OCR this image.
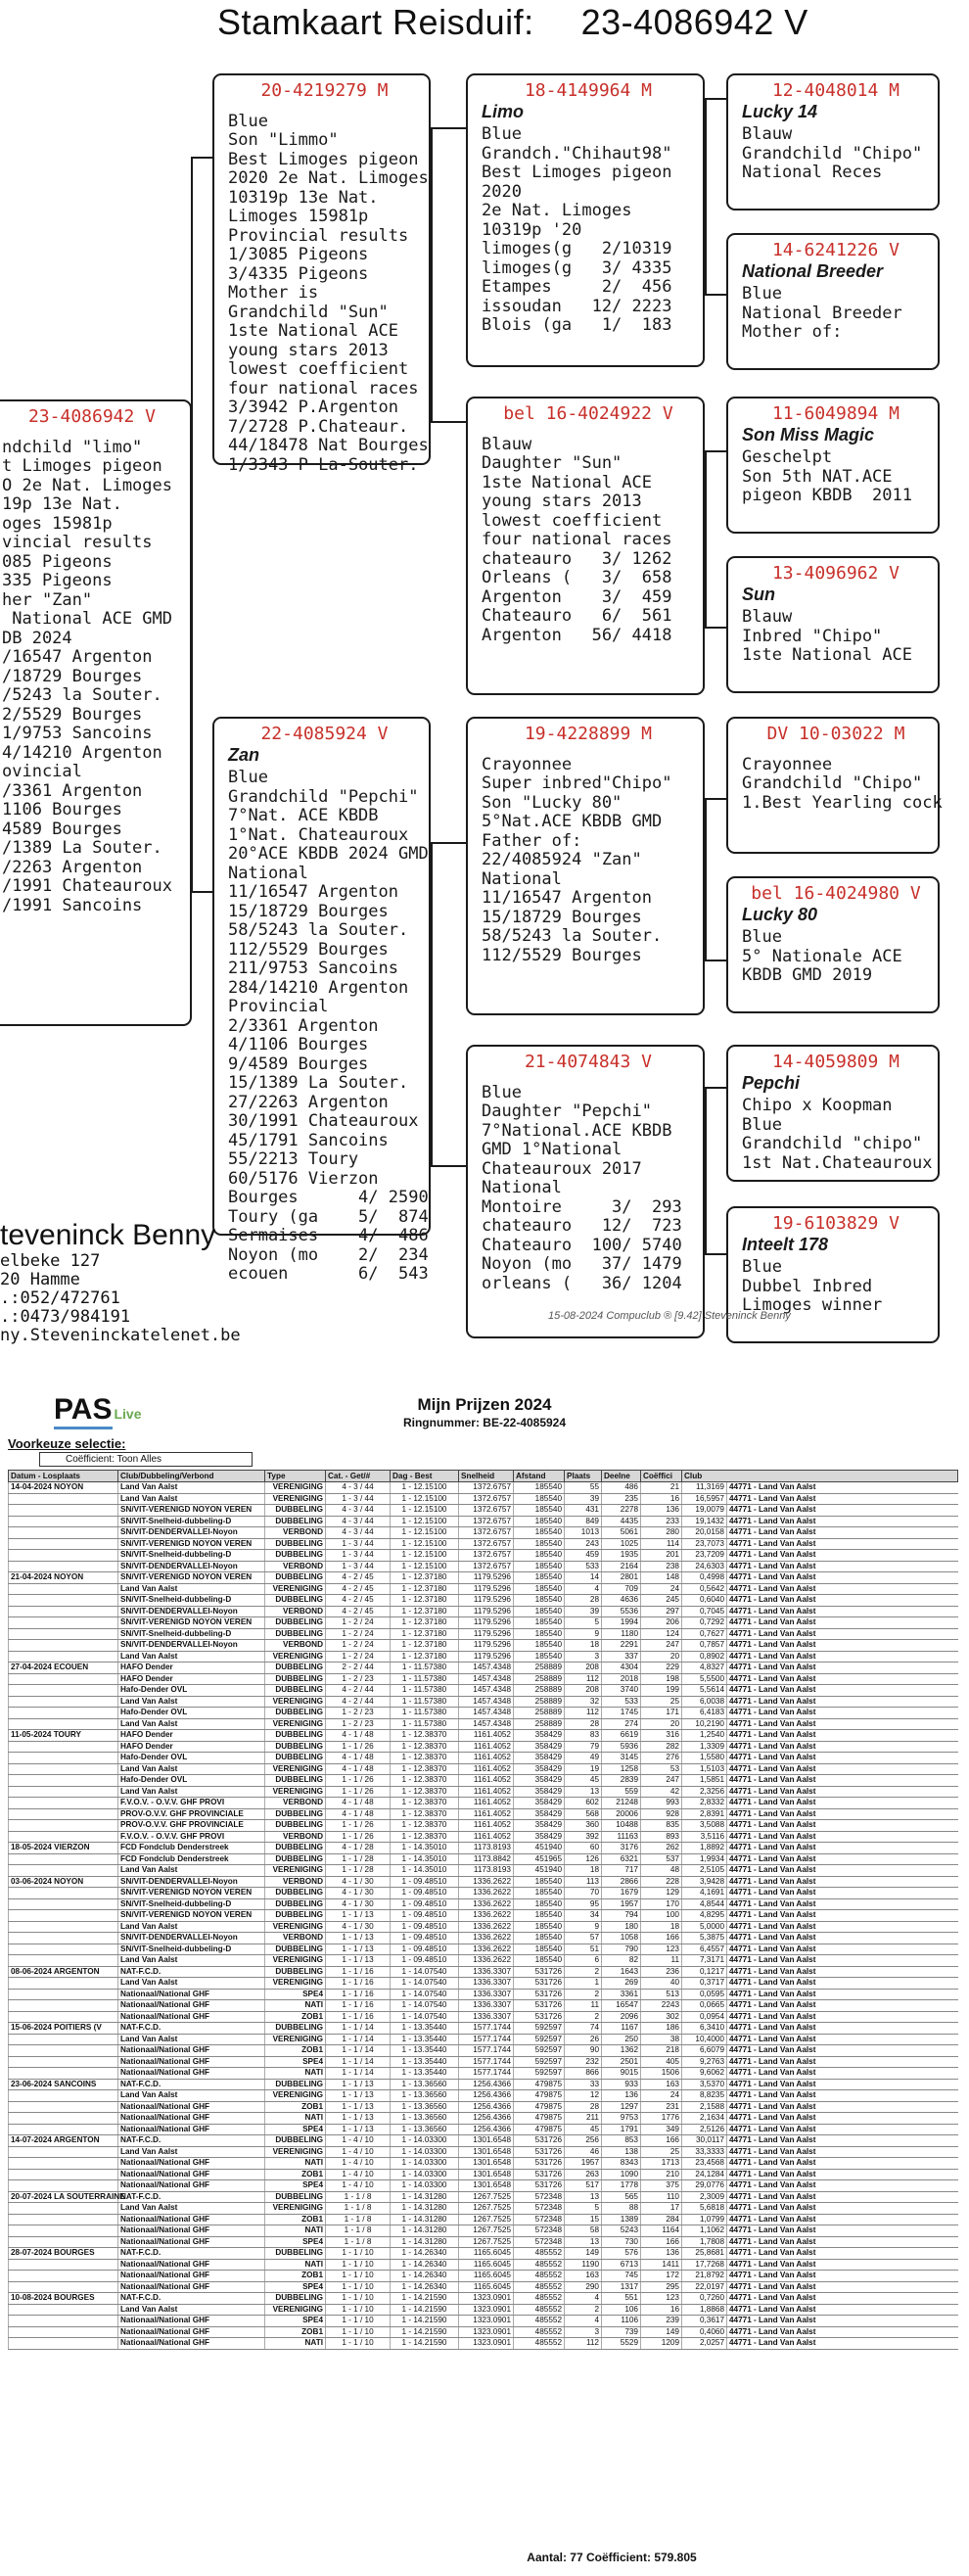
Stamkaart Reisduif: 23-4086942 V
23-4086942 V
ndchild "limo"
t Limoges pigeon
O 2e Nat. Limoges
19p 13e Nat.
oges 15981p
vincial results
085 Pigeons
335 Pigeons
her "Zan"
National ACE GMD
DB 2024
/16547 Argenton
/18729 Bourges
/5243 la Souter.
2/5529 Bourges
1/9753 Sancoins
4/14210 Argenton
ovincial
/3361 Argenton
1106 Bourges
4589 Bourges
/1389 La Souter.
/2263 Argenton
/1991 Chateauroux
/1991 Sancoins
20-4219279 M
Blue
Son "Limmo"
Best Limoges pigeon
2020 2e Nat. Limoges
10319p 13e Nat.
Limoges 15981p
Provincial results
1/3085 Pigeons
3/4335 Pigeons
Mother is
Grandchild "Sun"
1ste National ACE
young stars 2013
lowest coefficient
four national races
3/3942 P.Argenton
7/2728 P.Chateaur.
44/18478 Nat Bourges
1/3343 P La-Souter.
22-4085924 V
Zan
Blue
Grandchild "Pepchi"
7°Nat. ACE KBDB
1°Nat. Chateauroux
20°ACE KBDB 2024 GMD
National
11/16547 Argenton
15/18729 Bourges
58/5243 la Souter.
112/5529 Bourges
211/9753 Sancoins
284/14210 Argenton
Provincial
2/3361 Argenton
4/1106 Bourges
9/4589 Bourges
15/1389 La Souter.
27/2263 Argenton
30/1991 Chateauroux
45/1791 Sancoins
55/2213 Toury
60/5176 Vierzon
Bourges      4/ 2590
Toury (ga    5/  874
Sermaises    4/  486
Noyon (mo    2/  234
ecouen       6/  543
18-4149964 M
Limo
Blue
Grandch."Chihaut98"
Best Limoges pigeon
2020
2e Nat. Limoges
10319p '20
limoges(g   2/10319
limoges(g   3/ 4335
Etampes     2/  456
issoudan   12/ 2223
Blois (ga   1/  183
bel 16-4024922 V
Blauw
Daughter "Sun"
1ste National ACE
young stars 2013
lowest coefficient
four national races
chateauro   3/ 1262
Orleans (   3/  658
Argenton    3/  459
Chateauro   6/  561
Argenton   56/ 4418
19-4228899 M
Crayonnee
Super inbred"Chipo"
Son "Lucky 80"
5°Nat.ACE KBDB GMD
Father of:
22/4085924 "Zan"
National
11/16547 Argenton
15/18729 Bourges
58/5243 la Souter.
112/5529 Bourges
21-4074843 V
Blue
Daughter "Pepchi"
7°National.ACE KBDB
GMD 1°National
Chateauroux 2017
National
Montoire     3/  293
chateauro   12/  723
Chateauro  100/ 5740
Noyon (mo   37/ 1479
orleans (   36/ 1204
12-4048014 M
Lucky 14
Blauw
Grandchild "Chipo"
National Reces
14-6241226 V
National Breeder
Blue
National Breeder
Mother of:
11-6049894 M
Son Miss Magic
Geschelpt
Son 5th NAT.ACE
pigeon KBDB  2011
13-4096962 V
Sun
Blauw
Inbred "Chipo"
1ste National ACE
DV 10-03022 M
Crayonnee
Grandchild "Chipo"
1.Best Yearling cock
bel 16-4024980 V
Lucky 80
Blue
5° Nationale ACE
KBDB GMD 2019
14-4059809 M
Pepchi
Chipo x Koopman
Blue
Grandchild "chipo"
1st Nat.Chateauroux
19-6103829 V
Inteelt 178
Blue
Dubbel Inbred
Limoges winner
teveninck Benny
elbeke 127
20 Hamme
.:052/472761
.:0473/984191
ny.Steveninckatelenet.be
15-08-2024 Compuclub ® [9.42] Steveninck Benny
PAS Live	Mijn Prijzen 2024
Ringnummer: BE-22-4085924
Voorkeuze selectie:
Coëfficient: Toon Alles
Datum - Losplaats	Club/Dubbeling/Verbond	Type	Cat. - Get/#	Dag - Best	Snelheid	Afstand	Plaats	Deelne	Coëffici	Club	
14-04-2024 NOYON	Land Van Aalst	VERENIGING	4 - 3 / 44	1 - 12.15100	1372.6757	185540	55	486	21	11,3169	44771 - Land Van Aalst
	Land Van Aalst	VERENIGING	1 - 3 / 44	1 - 12.15100	1372.6757	185540	39	235	16	16,5957	44771 - Land Van Aalst
	SN/VIT-VERENIGD NOYON VEREN	DUBBELING	4 - 3 / 44	1 - 12.15100	1372.6757	185540	431	2278	136	19,0079	44771 - Land Van Aalst
	SN/VIT-Snelheid-dubbeling-D	DUBBELING	4 - 3 / 44	1 - 12.15100	1372.6757	185540	849	4435	233	19,1432	44771 - Land Van Aalst
	SN/VIT-DENDERVALLEI-Noyon	VERBOND	4 - 3 / 44	1 - 12.15100	1372.6757	185540	1013	5061	280	20,0158	44771 - Land Van Aalst
	SN/VIT-VERENIGD NOYON VEREN	DUBBELING	1 - 3 / 44	1 - 12.15100	1372.6757	185540	243	1025	114	23,7073	44771 - Land Van Aalst
	SN/VIT-Snelheid-dubbeling-D	DUBBELING	1 - 3 / 44	1 - 12.15100	1372.6757	185540	459	1935	201	23,7209	44771 - Land Van Aalst
	SN/VIT-DENDERVALLEI-Noyon	VERBOND	1 - 3 / 44	1 - 12.15100	1372.6757	185540	533	2164	238	24,6303	44771 - Land Van Aalst
21-04-2024 NOYON	SN/VIT-VERENIGD NOYON VEREN	DUBBELING	4 - 2 / 45	1 - 12.37180	1179.5296	185540	14	2801	148	0,4998	44771 - Land Van Aalst
	Land Van Aalst	VERENIGING	4 - 2 / 45	1 - 12.37180	1179.5296	185540	4	709	24	0,5642	44771 - Land Van Aalst
	SN/VIT-Snelheid-dubbeling-D	DUBBELING	4 - 2 / 45	1 - 12.37180	1179.5296	185540	28	4636	245	0,6040	44771 - Land Van Aalst
	SN/VIT-DENDERVALLEI-Noyon	VERBOND	4 - 2 / 45	1 - 12.37180	1179.5296	185540	39	5536	297	0,7045	44771 - Land Van Aalst
	SN/VIT-VERENIGD NOYON VEREN	DUBBELING	1 - 2 / 24	1 - 12.37180	1179.5296	185540	5	1994	206	0,7292	44771 - Land Van Aalst
	SN/VIT-Snelheid-dubbeling-D	DUBBELING	1 - 2 / 24	1 - 12.37180	1179.5296	185540	9	1180	124	0,7627	44771 - Land Van Aalst
	SN/VIT-DENDERVALLEI-Noyon	VERBOND	1 - 2 / 24	1 - 12.37180	1179.5296	185540	18	2291	247	0,7857	44771 - Land Van Aalst
	Land Van Aalst	VERENIGING	1 - 2 / 24	1 - 12.37180	1179.5296	185540	3	337	20	0,8902	44771 - Land Van Aalst
27-04-2024 ECOUEN	HAFO Dender	DUBBELING	2 - 2 / 44	1 - 11.57380	1457.4348	258889	208	4304	229	4,8327	44771 - Land Van Aalst
	HAFO Dender	DUBBELING	1 - 2 / 23	1 - 11.57380	1457.4348	258889	112	2018	198	5,5500	44771 - Land Van Aalst
	Hafo-Dender OVL	DUBBELING	4 - 2 / 44	1 - 11.57380	1457.4348	258889	208	3740	199	5,5614	44771 - Land Van Aalst
	Land Van Aalst	VERENIGING	4 - 2 / 44	1 - 11.57380	1457.4348	258889	32	533	25	6,0038	44771 - Land Van Aalst
	Hafo-Dender OVL	DUBBELING	1 - 2 / 23	1 - 11.57380	1457.4348	258889	112	1745	171	6,4183	44771 - Land Van Aalst
	Land Van Aalst	VERENIGING	1 - 2 / 23	1 - 11.57380	1457.4348	258889	28	274	20	10,2190	44771 - Land Van Aalst
11-05-2024 TOURY	HAFO Dender	DUBBELING	4 - 1 / 48	1 - 12.38370	1161.4052	358429	83	6619	316	1,2540	44771 - Land Van Aalst
	HAFO Dender	DUBBELING	1 - 1 / 26	1 - 12.38370	1161.4052	358429	79	5936	282	1,3309	44771 - Land Van Aalst
	Hafo-Dender OVL	DUBBELING	4 - 1 / 48	1 - 12.38370	1161.4052	358429	49	3145	276	1,5580	44771 - Land Van Aalst
	Land Van Aalst	VERENIGING	4 - 1 / 48	1 - 12.38370	1161.4052	358429	19	1258	53	1,5103	44771 - Land Van Aalst
	Hafo-Dender OVL	DUBBELING	1 - 1 / 26	1 - 12.38370	1161.4052	358429	45	2839	247	1,5851	44771 - Land Van Aalst
	Land Van Aalst	VERENIGING	1 - 1 / 26	1 - 12.38370	1161.4052	358429	13	559	42	2,3256	44771 - Land Van Aalst
	F.V.O.V. - O.V.V. GHF PROVI	VERBOND	4 - 1 / 48	1 - 12.38370	1161.4052	358429	602	21248	993	2,8332	44771 - Land Van Aalst
	PROV-O.V.V. GHF PROVINCIALE	DUBBELING	4 - 1 / 48	1 - 12.38370	1161.4052	358429	568	20006	928	2,8391	44771 - Land Van Aalst
	PROV-O.V.V. GHF PROVINCIALE	DUBBELING	1 - 1 / 26	1 - 12.38370	1161.4052	358429	360	10488	835	3,5088	44771 - Land Van Aalst
	F.V.O.V. - O.V.V. GHF PROVI	VERBOND	1 - 1 / 26	1 - 12.38370	1161.4052	358429	392	11163	893	3,5116	44771 - Land Van Aalst
18-05-2024 VIERZON	FCD Fondclub Denderstreek	DUBBELING	4 - 1 / 28	1 - 14.35010	1173.8193	451940	60	3176	262	1,8892	44771 - Land Van Aalst
	FCD Fondclub Denderstreek	DUBBELING	1 - 1 / 28	1 - 14.35010	1173.8842	451965	126	6321	537	1,9934	44771 - Land Van Aalst
	Land Van Aalst	VERENIGING	1 - 1 / 28	1 - 14.35010	1173.8193	451940	18	717	48	2,5105	44771 - Land Van Aalst
03-06-2024 NOYON	SN/VIT-DENDERVALLEI-Noyon	VERBOND	4 - 1 / 30	1 - 09.48510	1336.2622	185540	113	2866	228	3,9428	44771 - Land Van Aalst
	SN/VIT-VERENIGD NOYON VEREN	DUBBELING	4 - 1 / 30	1 - 09.48510	1336.2622	185540	70	1679	129	4,1691	44771 - Land Van Aalst
	SN/VIT-Snelheid-dubbeling-D	DUBBELING	4 - 1 / 30	1 - 09.48510	1336.2622	185540	95	1957	170	4,8544	44771 - Land Van Aalst
	SN/VIT-VERENIGD NOYON VEREN	DUBBELING	1 - 1 / 13	1 - 09.48510	1336.2622	185540	34	794	100	4,8295	44771 - Land Van Aalst
	Land Van Aalst	VERENIGING	4 - 1 / 30	1 - 09.48510	1336.2622	185540	9	180	18	5,0000	44771 - Land Van Aalst
	SN/VIT-DENDERVALLEI-Noyon	VERBOND	1 - 1 / 13	1 - 09.48510	1336.2622	185540	57	1058	166	5,3875	44771 - Land Van Aalst
	SN/VIT-Snelheid-dubbeling-D	DUBBELING	1 - 1 / 13	1 - 09.48510	1336.2622	185540	51	790	123	6,4557	44771 - Land Van Aalst
	Land Van Aalst	VERENIGING	1 - 1 / 13	1 - 09.48510	1336.2622	185540	6	82	11	7,3171	44771 - Land Van Aalst
08-06-2024 ARGENTON	NAT-F.C.D.	DUBBELING	1 - 1 / 16	1 - 14.07540	1336.3307	531726	2	1643	236	0,1217	44771 - Land Van Aalst
	Land Van Aalst	VERENIGING	1 - 1 / 16	1 - 14.07540	1336.3307	531726	1	269	40	0,3717	44771 - Land Van Aalst
	Nationaal/National GHF	SPE4	1 - 1 / 16	1 - 14.07540	1336.3307	531726	2	3361	513	0,0595	44771 - Land Van Aalst
	Nationaal/National GHF	NATI	1 - 1 / 16	1 - 14.07540	1336.3307	531726	11	16547	2243	0,0665	44771 - Land Van Aalst
	Nationaal/National GHF	ZOB1	1 - 1 / 16	1 - 14.07540	1336.3307	531726	2	2096	302	0,0954	44771 - Land Van Aalst
15-06-2024 POITIERS (V	NAT-F.C.D.	DUBBELING	1 - 1 / 14	1 - 13.35440	1577.1744	592597	74	1167	186	6,3410	44771 - Land Van Aalst
	Land Van Aalst	VERENIGING	1 - 1 / 14	1 - 13.35440	1577.1744	592597	26	250	38	10,4000	44771 - Land Van Aalst
	Nationaal/National GHF	ZOB1	1 - 1 / 14	1 - 13.35440	1577.1744	592597	90	1362	218	6,6079	44771 - Land Van Aalst
	Nationaal/National GHF	SPE4	1 - 1 / 14	1 - 13.35440	1577.1744	592597	232	2501	405	9,2763	44771 - Land Van Aalst
	Nationaal/National GHF	NATI	1 - 1 / 14	1 - 13.35440	1577.1744	592597	866	9015	1506	9,6062	44771 - Land Van Aalst
23-06-2024 SANCOINS	NAT-F.C.D.	DUBBELING	1 - 1 / 13	1 - 13.36560	1256.4366	479875	33	933	163	3,5370	44771 - Land Van Aalst
	Land Van Aalst	VERENIGING	1 - 1 / 13	1 - 13.36560	1256.4366	479875	12	136	24	8,8235	44771 - Land Van Aalst
	Nationaal/National GHF	ZOB1	1 - 1 / 13	1 - 13.36560	1256.4366	479875	28	1297	231	2,1588	44771 - Land Van Aalst
	Nationaal/National GHF	NATI	1 - 1 / 13	1 - 13.36560	1256.4366	479875	211	9753	1776	2,1634	44771 - Land Van Aalst
	Nationaal/National GHF	SPE4	1 - 1 / 13	1 - 13.36560	1256.4366	479875	45	1791	349	2,5126	44771 - Land Van Aalst
14-07-2024 ARGENTON	NAT-F.C.D.	DUBBELING	1 - 4 / 10	1 - 14.03300	1301.6548	531726	256	853	166	30,0117	44771 - Land Van Aalst
	Land Van Aalst	VERENIGING	1 - 4 / 10	1 - 14.03300	1301.6548	531726	46	138	25	33,3333	44771 - Land Van Aalst
	Nationaal/National GHF	NATI	1 - 4 / 10	1 - 14.03300	1301.6548	531726	1957	8343	1713	23,4568	44771 - Land Van Aalst
	Nationaal/National GHF	ZOB1	1 - 4 / 10	1 - 14.03300	1301.6548	531726	263	1090	210	24,1284	44771 - Land Van Aalst
	Nationaal/National GHF	SPE4	1 - 4 / 10	1 - 14.03300	1301.6548	531726	517	1778	375	29,0776	44771 - Land Van Aalst
20-07-2024 LA SOUTERRAINE	NAT-F.C.D.	DUBBELING	1 - 1 / 8	1 - 14.31280	1267.7525	572348	13	565	110	2,3009	44771 - Land Van Aalst
	Land Van Aalst	VERENIGING	1 - 1 / 8	1 - 14.31280	1267.7525	572348	5	88	17	5,6818	44771 - Land Van Aalst
	Nationaal/National GHF	ZOB1	1 - 1 / 8	1 - 14.31280	1267.7525	572348	15	1389	284	1,0799	44771 - Land Van Aalst
	Nationaal/National GHF	NATI	1 - 1 / 8	1 - 14.31280	1267.7525	572348	58	5243	1164	1,1062	44771 - Land Van Aalst
	Nationaal/National GHF	SPE4	1 - 1 / 8	1 - 14.31280	1267.7525	572348	13	730	166	1,7808	44771 - Land Van Aalst
28-07-2024 BOURGES	NAT-F.C.D.	DUBBELING	1 - 1 / 10	1 - 14.26340	1165.6045	485552	149	576	136	25,8681	44771 - Land Van Aalst
	Nationaal/National GHF	NATI	1 - 1 / 10	1 - 14.26340	1165.6045	485552	1190	6713	1411	17,7268	44771 - Land Van Aalst
	Nationaal/National GHF	ZOB1	1 - 1 / 10	1 - 14.26340	1165.6045	485552	163	745	172	21,8792	44771 - Land Van Aalst
	Nationaal/National GHF	SPE4	1 - 1 / 10	1 - 14.26340	1165.6045	485552	290	1317	295	22,0197	44771 - Land Van Aalst
10-08-2024 BOURGES	NAT-F.C.D.	DUBBELING	1 - 1 / 10	1 - 14.21590	1323.0901	485552	4	551	123	0,7260	44771 - Land Van Aalst
	Land Van Aalst	VERENIGING	1 - 1 / 10	1 - 14.21590	1323.0901	485552	2	106	16	1,8868	44771 - Land Van Aalst
	Nationaal/National GHF	SPE4	1 - 1 / 10	1 - 14.21590	1323.0901	485552	4	1106	239	0,3617	44771 - Land Van Aalst
	Nationaal/National GHF	ZOB1	1 - 1 / 10	1 - 14.21590	1323.0901	485552	3	739	149	0,4060	44771 - Land Van Aalst
	Nationaal/National GHF	NATI	1 - 1 / 10	1 - 14.21590	1323.0901	485552	112	5529	1209	2,0257	44771 - Land Van Aalst
Aantal: 77 Coëfficient: 579.805
